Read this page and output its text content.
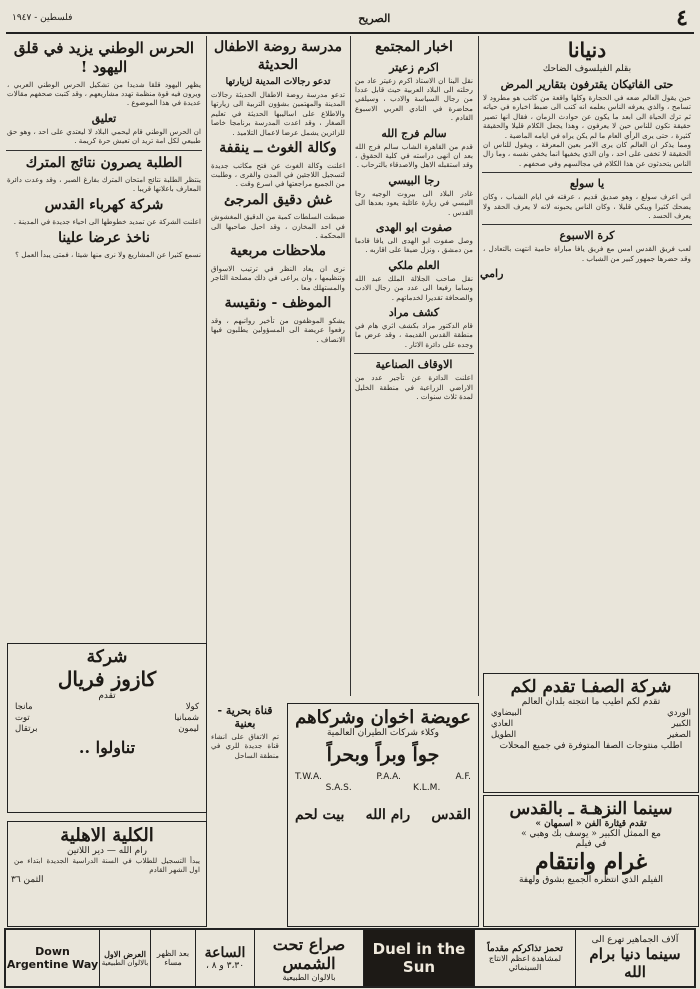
٤
الصريح
فلسطين - ١٩٤٧
دنيانا
بقلم الفيلسوف الضاحك
حتى الفاتيكان يقترفون بتقارير المرض

حين يقول العالم ضعه في الحجارة وكلها واقعة من كاتب هو مطرود لا تسامح ، والذي يعرفه الناس بعلمه انه كتب الى ضبط اخباره في حياته ثم ترك الحياة الى ابعد ما يكون عن حوادث الزمان ، فقال انها تصير حقيقة تكون للناس حين لا يعرفون ، وهذا يجعل الكلام قليلا والحقيقة كثيرة ، حتى يرى الرأي العام ما لم يكن يراه في ايامه الماضية .

ومما يذكر ان العالم كان يرى الامر بعين المعرفة ، ويقول للناس ان الحقيقة لا تخفى على احد ، وان الذي يخفيها انما يخفي نفسه ، وما زال الناس يتحدثون عن هذا الكلام في مجالسهم وفي صحفهم .

يا سولع

اني اعرف سولع ، وهو صديق قديم ، عرفته في ايام الشباب ، وكان يضحك كثيرا ويبكي قليلا ، وكان الناس يحبونه لانه لا يعرف الحقد ولا يعرف الحسد .

كرة الاسبوع

لعب فريق القدس امس مع فريق يافا مباراة حامية انتهت بالتعادل ، وقد حضرها جمهور كبير من الشباب .

رامي
اخبار المجتمع
اكرم زعيتر

نقل الينا ان الاستاذ اكرم زعيتر عاد من رحلته الى البلاد العربية حيث قابل عددا من رجال السياسة والادب ، وسيلقي محاضرة في النادي العربي الاسبوع القادم .

سالم فرج الله

قدم من القاهرة الشاب سالم فرج الله بعد ان انهى دراسته في كلية الحقوق ، وقد استقبله الاهل والاصدقاء بالترحاب .

رجا البيسي

غادر البلاد الى بيروت الوجيه رجا البيسي في زيارة عائلية يعود بعدها الى القدس .

صفوت ابو الهدى

وصل صفوت ابو الهدى الى يافا قادما من دمشق ، ونزل ضيفا على اقاربه .

العلم ملكي

نقل صاحب الجلالة الملك عبد الله وساما رفيعا الى عدد من رجال الادب والصحافة تقديرا لخدماتهم .

كشف مراد

قام الدكتور مراد بكشف اثري هام في منطقة القدس القديمة ، وقد عرض ما وجده على دائرة الاثار .

الاوقاف الصناعية

اعلنت الدائرة عن تأجير عدد من الاراضي الزراعية في منطقة الخليل لمدة ثلاث سنوات .

مدرسة روضة الاطفال الحديثة
تدعو رجالات المدينة لزيارتها

تدعو مدرسة روضة الاطفال الحديثة رجالات المدينة والمهتمين بشؤون التربية الى زيارتها والاطلاع على اساليبها الحديثة في تعليم الصغار ، وقد اعدت المدرسة برنامجا خاصا للزائرين يشمل عرضا لاعمال التلاميذ .

وكالة الغوث ــ ينقفة

اعلنت وكالة الغوث عن فتح مكاتب جديدة لتسجيل اللاجئين في المدن والقرى ، وطلبت من الجميع مراجعتها في اسرع وقت .

غش دقيق المرجئ

ضبطت السلطات كمية من الدقيق المغشوش في احد المخازن ، وقد احيل صاحبها الى المحكمة .

ملاحظات مربعية

نرى ان يعاد النظر في ترتيب الاسواق وتنظيمها ، وان يراعى في ذلك مصلحة التاجر والمستهلك معا .

الموظف - ونقيسة

يشكو الموظفون من تأخير رواتبهم ، وقد رفعوا عريضة الى المسؤولين يطلبون فيها الانصاف .

الحرس الوطني يزيد في قلق اليهود !

يظهر اليهود قلقا شديدا من تشكيل الحرس الوطني العربي ، ويرون فيه قوة منظمة تهدد مشاريعهم ، وقد كتبت صحفهم مقالات عديدة في هذا الموضوع .

تعليق

ان الحرس الوطني قام ليحمي البلاد لا ليعتدي على احد ، وهو حق طبيعي لكل امة تريد ان تعيش حرة كريمة .

الطلبة يصرون نتائج المترك

ينتظر الطلبة نتائج امتحان المترك بفارغ الصبر ، وقد وعدت دائرة المعارف باعلانها قريبا .

شركة كهرباء القدس

اعلنت الشركة عن تمديد خطوطها الى احياء جديدة في المدينة .

ناخذ عرضا علينا

نسمع كثيرا عن المشاريع ولا نرى منها شيئا ، فمتى يبدأ العمل ؟

شركة
كازوز فريال
تقدم
كولا
مانجا
شمبانيا
توت
ليمون
برتقال
تناولوا ..
الكلية الاهلية
رام الله — دير اللاتين

يبدأ التسجيل للطلاب في السنة الدراسية الجديدة ابتداء من اول الشهر القادم

الثمن ٣٦
قناة بحرية - بعنية

تم الاتفاق على انشاء قناة جديدة للري في منطقة الساحل

عويضة اخوان وشركاهم
وكلاء شركات الطيران العالمية
جواً وبراً وبحراً
T.W.A.	P.A.A.	A.F.
S.A.S.	K.L.M.
القدس
رام الله
بيت لحم
شركة الصفـا تقدم لكم
تقدم لكم اطيب ما انتجته بلدان العالم
الوردي
البيضاوي
الكبير
العادي
الصغير
الطويل
اطلب منتوجات الصفا المتوفرة في جميع المحلات
سينما النزهـة ـ بالقدس
تقدم قيثارة الفن « اسمهان »
مع الممثل الكبير « يوسف بك وهبي »
في فيلم
غرام وانتقام
الفيلم الذي انتظره الجميع بشوق ولهفة
آلاف الجماهير تهرع الى
سينما دنيا برام الله
تحمز تذاكركم مقدماً
لمشاهدة اعظم الانتاج السينمائي
Duel in the Sun
صراع تحت الشمس
بالالوان الطبيعية
الساعة
٣،٣٠ و ٨ ،
بعد الظهر
مساء
العرض الاول
بالالوان الطبيعية
Down Argentine Way
